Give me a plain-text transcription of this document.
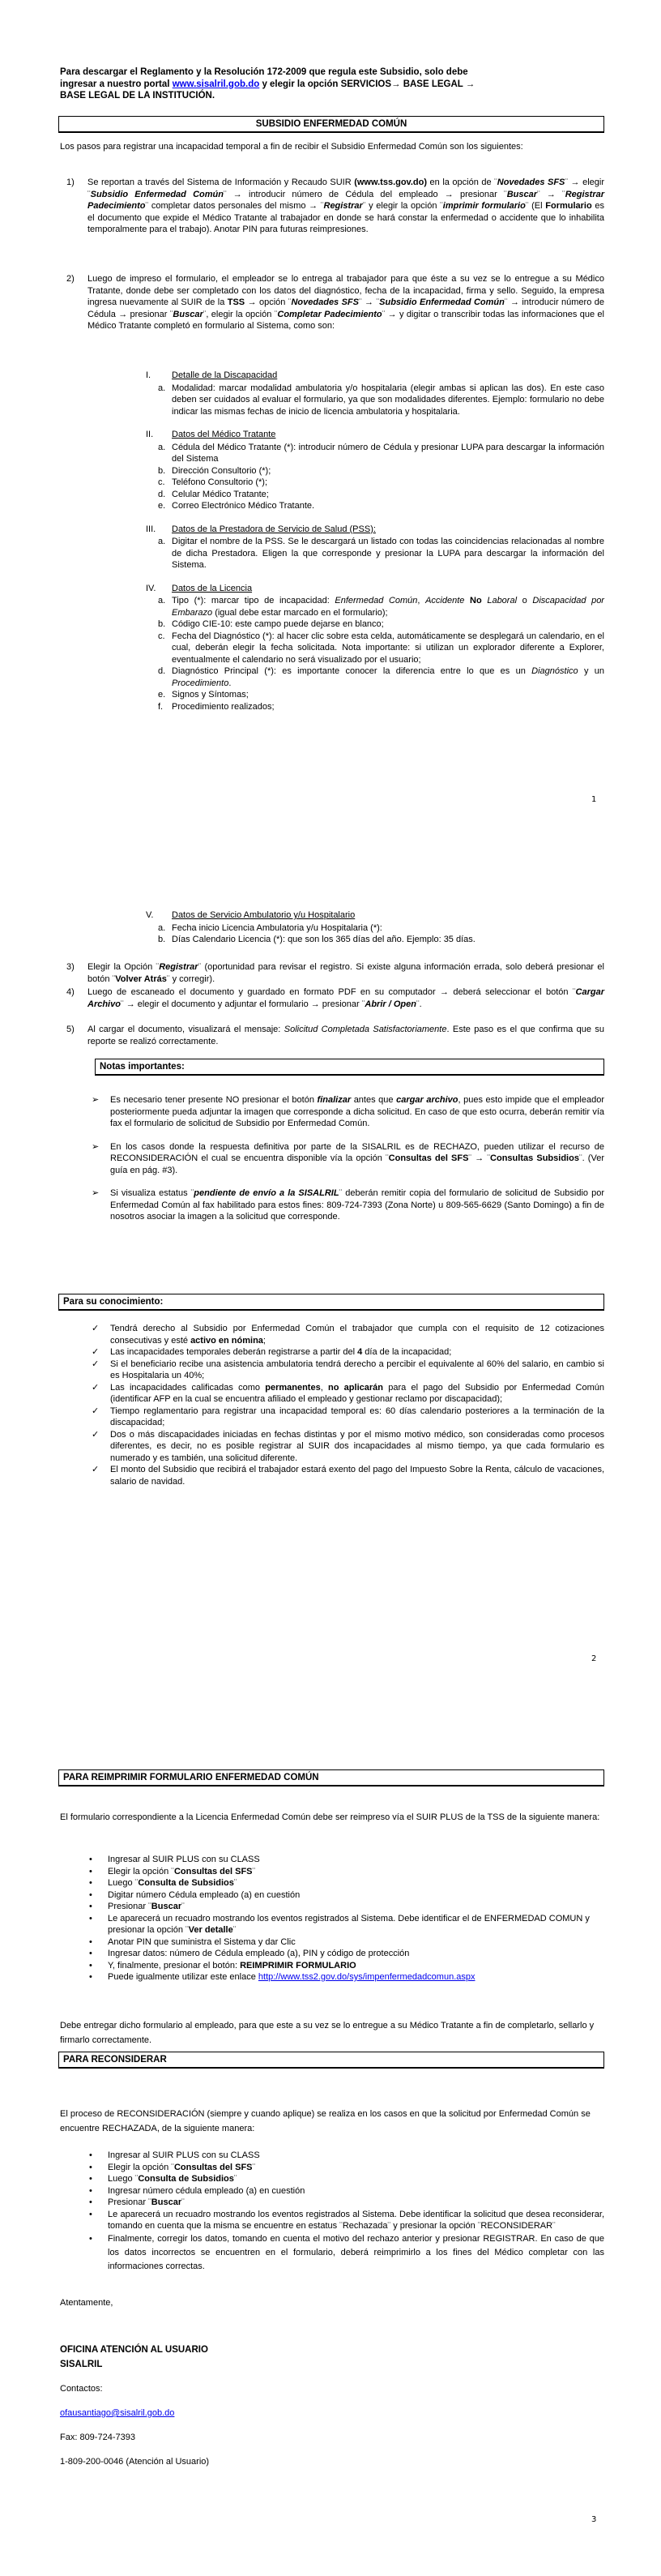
Para descargar el Reglamento y la Resolución 172-2009 que regula este Subsidio, solo debe
ingresar a nuestro portal www.sisalril.gob.do y elegir la opción SERVICIOS→ BASE LEGAL →
BASE LEGAL DE LA INSTITUCIÓN.
SUBSIDIO ENFERMEDAD COMÚN
Los pasos para registrar una incapacidad temporal a fin de recibir el Subsidio Enfermedad Común son los siguientes:
1) Se reportan a través del Sistema de Información y Recaudo SUIR (www.tss.gov.do) en la opción de ¨Novedades SFS¨ → elegir ¨Subsidio Enfermedad Común¨ → introducir número de Cédula del empleado → presionar ¨Buscar¨ → ¨Registrar Padecimiento¨ completar datos personales del mismo → ¨Registrar¨ y elegir la opción ¨imprimir formulario¨ (El Formulario es el documento que expide el Médico Tratante al trabajador en donde se hará constar la enfermedad o accidente que lo inhabilita temporalmente para el trabajo). Anotar PIN para futuras reimpresiones.
2) Luego de impreso el formulario, el empleador se lo entrega al trabajador para que éste a su vez se lo entregue a su Médico Tratante, donde debe ser completado con los datos del diagnóstico, fecha de la incapacidad, firma y sello. Seguido, la empresa ingresa nuevamente al SUIR de la TSS → opción ¨Novedades SFS¨ → ¨Subsidio Enfermedad Común¨ → introducir número de Cédula → presionar ¨Buscar¨, elegir la opción ¨Completar Padecimiento¨ → y digitar o transcribir todas las informaciones que el Médico Tratante completó en formulario al Sistema, como son:
I. Detalle de la Discapacidad
a. Modalidad: marcar modalidad ambulatoria y/o hospitalaria (elegir ambas si aplican las dos). En este caso deben ser cuidados al evaluar el formulario, ya que son modalidades diferentes. Ejemplo: formulario no debe indicar las mismas fechas de inicio de licencia ambulatoria y hospitalaria.
II. Datos del Médico Tratante
a. Cédula del Médico Tratante (*): introducir número de Cédula y presionar LUPA para descargar la información del Sistema
b. Dirección Consultorio (*);
c. Teléfono Consultorio (*);
d. Celular Médico Tratante;
e. Correo Electrónico Médico Tratante.
III. Datos de la Prestadora de Servicio de Salud (PSS):
a. Digitar el nombre de la PSS. Se le descargará un listado con todas las coincidencias relacionadas al nombre de dicha Prestadora. Eligen la que corresponde y presionar la LUPA para descargar la información del Sistema.
IV. Datos de la Licencia
a. Tipo (*): marcar tipo de incapacidad: Enfermedad Común, Accidente No Laboral o Discapacidad por Embarazo (igual debe estar marcado en el formulario);
b. Código CIE-10: este campo puede dejarse en blanco;
c. Fecha del Diagnóstico (*): al hacer clic sobre esta celda, automáticamente se desplegará un calendario, en el cual, deberán elegir la fecha solicitada. Nota importante: si utilizan un explorador diferente a Explorer, eventualmente el calendario no será visualizado por el usuario;
d. Diagnóstico Principal (*): es importante conocer la diferencia entre lo que es un Diagnóstico y un Procedimiento.
e. Signos y Síntomas;
f. Procedimiento realizados;
1
V. Datos de Servicio Ambulatorio y/u Hospitalario
a. Fecha inicio Licencia Ambulatoria y/u Hospitalaria (*):
b. Días Calendario Licencia (*): que son los 365 días del año. Ejemplo: 35 días.
3) Elegir la Opción ¨Registrar¨ (oportunidad para revisar el registro. Si existe alguna información errada, solo deberá presionar el botón ¨Volver Atrás¨ y corregir).
4) Luego de escaneado el documento y guardado en formato PDF en su computador → deberá seleccionar el botón ¨Cargar Archivo¨ → elegir el documento y adjuntar el formulario → presionar ¨Abrir / Open¨.
5) Al cargar el documento, visualizará el mensaje: Solicitud Completada Satisfactoriamente. Este paso es el que confirma que su reporte se realizó correctamente.
Notas importantes:
➢ Es necesario tener presente NO presionar el botón finalizar antes que cargar archivo, pues esto impide que el empleador posteriormente pueda adjuntar la imagen que corresponde a dicha solicitud. En caso de que esto ocurra, deberán remitir vía fax el formulario de solicitud de Subsidio por Enfermedad Común.
➢ En los casos donde la respuesta definitiva por parte de la SISALRIL es de RECHAZO, pueden utilizar el recurso de RECONSIDERACIÓN el cual se encuentra disponible vía la opción ¨Consultas del SFS¨ → ¨Consultas Subsidios¨. (Ver guía en pág. #3).
➢ Si visualiza estatus ¨pendiente de envío a la SISALRIL¨ deberán remitir copia del formulario de solicitud de Subsidio por Enfermedad Común al fax habilitado para estos fines: 809-724-7393 (Zona Norte) u 809-565-6629 (Santo Domingo) a fin de nosotros asociar la imagen a la solicitud que corresponde.
Para su conocimiento:
✓ Tendrá derecho al Subsidio por Enfermedad Común el trabajador que cumpla con el requisito de 12 cotizaciones consecutivas y esté activo en nómina;
✓ Las incapacidades temporales deberán registrarse a partir del 4 día de la incapacidad;
✓ Si el beneficiario recibe una asistencia ambulatoria tendrá derecho a percibir el equivalente al 60% del salario, en cambio si es Hospitalaria un 40%;
✓ Las incapacidades calificadas como permanentes, no aplicarán para el pago del Subsidio por Enfermedad Común (identificar AFP en la cual se encuentra afiliado el empleado y gestionar reclamo por discapacidad);
✓ Tiempo reglamentario para registrar una incapacidad temporal es: 60 días calendario posteriores a la terminación de la discapacidad;
✓ Dos o más discapacidades iniciadas en fechas distintas y por el mismo motivo médico, son consideradas como procesos diferentes, es decir, no es posible registrar al SUIR dos incapacidades al mismo tiempo, ya que cada formulario es numerado y es también, una solicitud diferente.
✓ El monto del Subsidio que recibirá el trabajador estará exento del pago del Impuesto Sobre la Renta, cálculo de vacaciones, salario de navidad.
2
PARA REIMPRIMIR FORMULARIO ENFERMEDAD COMÚN
El formulario correspondiente a la Licencia Enfermedad Común debe ser reimpreso vía el SUIR PLUS de la TSS de la siguiente manera:
• Ingresar al SUIR PLUS con su CLASS
• Elegir la opción ¨Consultas del SFS¨
• Luego ¨Consulta de Subsidios¨
• Digitar número Cédula empleado (a) en cuestión
• Presionar ¨Buscar¨
• Le aparecerá un recuadro mostrando los eventos registrados al Sistema. Debe identificar el de ENFERMEDAD COMUN y presionar la opción ¨Ver detalle¨
• Anotar PIN que suministra el Sistema y dar Clic
• Ingresar datos: número de Cédula empleado (a), PIN y código de protección
• Y, finalmente, presionar el botón: REIMPRIMIR FORMULARIO
• Puede igualmente utilizar este enlace http://www.tss2.gov.do/sys/impenfermedadcomun.aspx
Debe entregar dicho formulario al empleado, para que este a su vez se lo entregue a su Médico Tratante a fin de completarlo, sellarlo y firmarlo correctamente.
PARA RECONSIDERAR
El proceso de RECONSIDERACIÓN (siempre y cuando aplique) se realiza en los casos en que la solicitud por Enfermedad Común se encuentre RECHAZADA, de la siguiente manera:
• Ingresar al SUIR PLUS con su CLASS
• Elegir la opción ¨Consultas del SFS¨
• Luego ¨Consulta de Subsidios¨
• Ingresar número cédula empleado (a) en cuestión
• Presionar ¨Buscar¨
• Le aparecerá un recuadro mostrando los eventos registrados al Sistema. Debe identificar la solicitud que desea reconsiderar, tomando en cuenta que la misma se encuentre en estatus ¨Rechazada¨ y presionar la opción ¨RECONSIDERAR¨
• Finalmente, corregir los datos, tomando en cuenta el motivo del rechazo anterior y presionar REGISTRAR. En caso de que los datos incorrectos se encuentren en el formulario, deberá reimprimirlo a los fines del Médico completar con las informaciones correctas.
Atentamente,
OFICINA ATENCIÓN AL USUARIO
SISALRIL
Contactos:
ofausantiago@sisalril.gob.do
Fax: 809-724-7393
1-809-200-0046 (Atención al Usuario)
3
